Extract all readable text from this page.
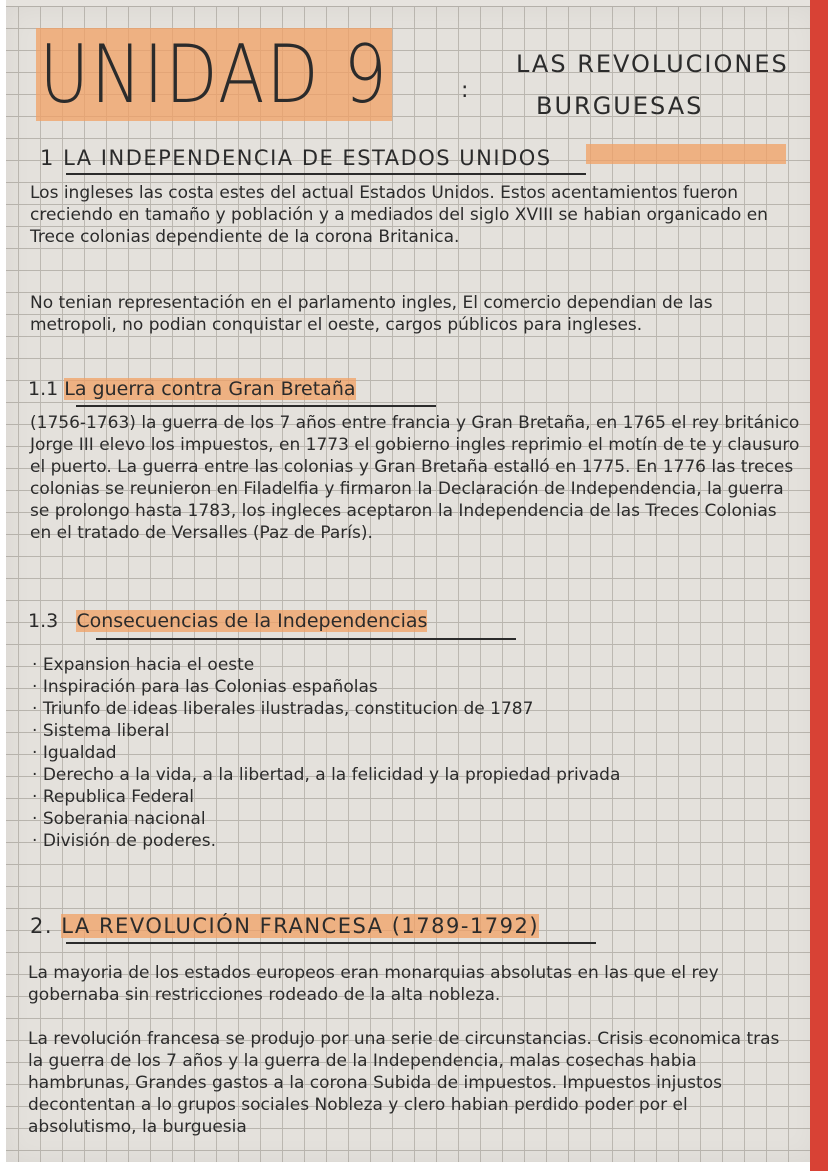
UNIDAD 9	:
LAS REVOLUCIONES
BURGUESAS
1 LA INDEPENDENCIA DE ESTADOS UNIDOS
Los ingleses las costa estes del actual Estados Unidos. Estos acentamientos fueron creciendo en tamaño y población y a mediados del siglo XVIII se habian organicado en Trece colonias dependiente de la corona Britanica.
No tenian representación en el parlamento ingles, El comercio dependian de las metropoli, no podian conquistar el oeste, cargos públicos para ingleses.
1.1 La guerra contra Gran Bretaña
(1756-1763) la guerra de los 7 años entre francia y Gran Bretaña, en 1765 el rey británico Jorge III elevo los impuestos, en 1773 el gobierno ingles reprimio el motín de te y clausuro el puerto. La guerra entre las colonias y Gran Bretaña estalló en 1775. En 1776 las treces colonias se reunieron en Filadelfia y firmaron la Declaración de Independencia, la guerra se prolongo hasta 1783, los ingleces aceptaron la Independencia de las Treces Colonias en el tratado de Versalles (Paz de París).
1.3 Consecuencias de la Independencias
· Expansion hacia el oeste
· Inspiración para las Colonias españolas
· Triunfo de ideas liberales ilustradas, constitucion de 1787
· Sistema liberal
· Igualdad
· Derecho a la vida, a la libertad, a la felicidad y la propiedad privada
· Republica Federal
· Soberania nacional
· División de poderes.
2. LA REVOLUCIÓN FRANCESA (1789-1792)
La mayoria de los estados europeos eran monarquias absolutas en las que el rey gobernaba sin restricciones rodeado de la alta nobleza.
La revolución francesa se produjo por una serie de circunstancias. Crisis economica tras la guerra de los 7 años y la guerra de la Independencia, malas cosechas habia hambrunas, Grandes gastos a la corona Subida de impuestos. Impuestos injustos decontentan a lo grupos sociales Nobleza y clero habian perdido poder por el absolutismo, la burguesia
